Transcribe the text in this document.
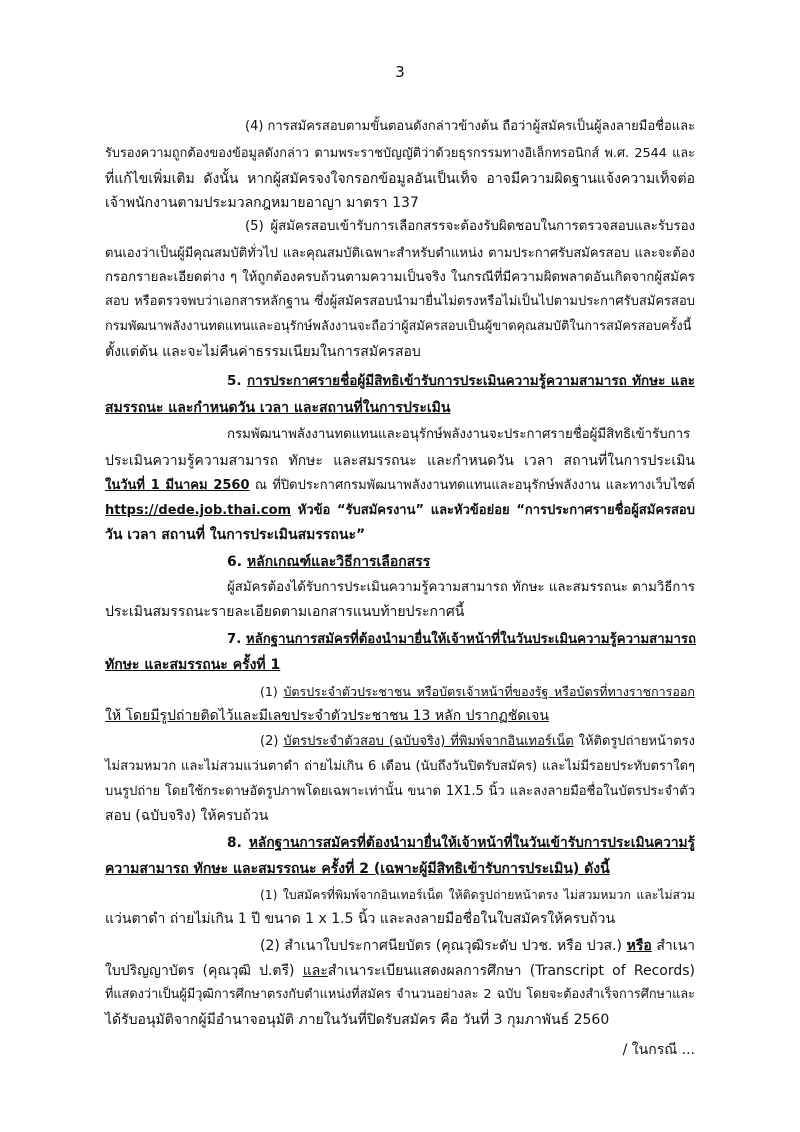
3
(4) การสมัครสอบตามขั้นตอนดังกล่าวข้างต้น ถือว่าผู้สมัครเป็นผู้ลงลายมือชื่อและ
รับรองความถูกต้องของข้อมูลดังกล่าว ตามพระราชบัญญัติว่าด้วยธุรกรรมทางอิเล็กทรอนิกส์ พ.ศ. 2544 และ
ที่แก้ไขเพิ่มเติม ดังนั้น หากผู้สมัครจงใจกรอกข้อมูลอันเป็นเท็จ อาจมีความผิดฐานแจ้งความเท็จต่อ
เจ้าพนักงานตามประมวลกฎหมายอาญา มาตรา 137
(5) ผู้สมัครสอบเข้ารับการเลือกสรรจะต้องรับผิดชอบในการตรวจสอบและรับรอง
ตนเองว่าเป็นผู้มีคุณสมบัติทั่วไป และคุณสมบัติเฉพาะสำหรับตำแหน่ง ตามประกาศรับสมัครสอบ และจะต้อง
กรอกรายละเอียดต่าง ๆ ให้ถูกต้องครบถ้วนตามความเป็นจริง ในกรณีที่มีความผิดพลาดอันเกิดจากผู้สมัคร
สอบ หรือตรวจพบว่าเอกสารหลักฐาน ซึ่งผู้สมัครสอบนำมายื่นไม่ตรงหรือไม่เป็นไปตามประกาศรับสมัครสอบ
กรมพัฒนาพลังงานทดแทนและอนุรักษ์พลังงานจะถือว่าผู้สมัครสอบเป็นผู้ขาดคุณสมบัติในการสมัครสอบครั้งนี้
ตั้งแต่ต้น และจะไม่คืนค่าธรรมเนียมในการสมัครสอบ
5. การประกาศรายชื่อผู้มีสิทธิเข้ารับการประเมินความรู้ความสามารถ ทักษะ และ
สมรรถนะ และกำหนดวัน เวลา และสถานที่ในการประเมิน
กรมพัฒนาพลังงานทดแทนและอนุรักษ์พลังงานจะประกาศรายชื่อผู้มีสิทธิเข้ารับการ
ประเมินความรู้ความสามารถ ทักษะ และสมรรถนะ และกำหนดวัน เวลา สถานที่ในการประเมิน
ในวันที่ 1 มีนาคม 2560 ณ ที่ปิดประกาศกรมพัฒนาพลังงานทดแทนและอนุรักษ์พลังงาน และทางเว็บไซต์
https://dede.job.thai.com หัวข้อ “รับสมัครงาน” และหัวข้อย่อย “การประกาศรายชื่อผู้สมัครสอบ
วัน เวลา สถานที่ ในการประเมินสมรรถนะ”
6. หลักเกณฑ์และวิธีการเลือกสรร
ผู้สมัครต้องได้รับการประเมินความรู้ความสามารถ ทักษะ และสมรรถนะ ตามวิธีการ
ประเมินสมรรถนะรายละเอียดตามเอกสารแนบท้ายประกาศนี้
7. หลักฐานการสมัครที่ต้องนำมายื่นให้เจ้าหน้าที่ในวันประเมินความรู้ความสามารถ
ทักษะ และสมรรถนะ ครั้งที่ 1
(1) บัตรประจำตัวประชาชน หรือบัตรเจ้าหน้าที่ของรัฐ หรือบัตรที่ทางราชการออก
ให้ โดยมีรูปถ่ายติดไว้และมีเลขประจำตัวประชาชน 13 หลัก ปรากฏชัดเจน
(2) บัตรประจำตัวสอบ (ฉบับจริง) ที่พิมพ์จากอินเทอร์เน็ต ให้ติดรูปถ่ายหน้าตรง
ไม่สวมหมวก และไม่สวมแว่นตาดำ ถ่ายไม่เกิน 6 เดือน (นับถึงวันปิดรับสมัคร) และไม่มีรอยประทับตราใดๆ
บนรูปถ่าย โดยใช้กระดาษอัดรูปภาพโดยเฉพาะเท่านั้น ขนาด 1X1.5 นิ้ว และลงลายมือชื่อในบัตรประจำตัว
สอบ (ฉบับจริง) ให้ครบถ้วน
8. หลักฐานการสมัครที่ต้องนำมายื่นให้เจ้าหน้าที่ในวันเข้ารับการประเมินความรู้
ความสามารถ ทักษะ และสมรรถนะ ครั้งที่ 2 (เฉพาะผู้มีสิทธิเข้ารับการประเมิน) ดังนี้
(1) ใบสมัครที่พิมพ์จากอินเทอร์เน็ต ให้ติดรูปถ่ายหน้าตรง ไม่สวมหมวก และไม่สวม
แว่นตาดำ ถ่ายไม่เกิน 1 ปี ขนาด 1 x 1.5 นิ้ว และลงลายมือชื่อในใบสมัครให้ครบถ้วน
(2) สำเนาใบประกาศนียบัตร (คุณวุฒิระดับ ปวช. หรือ ปวส.) หรือ สำเนา
ใบปริญญาบัตร (คุณวุฒิ ป.ตรี) และสำเนาระเบียนแสดงผลการศึกษา (Transcript of Records)
ที่แสดงว่าเป็นผู้มีวุฒิการศึกษาตรงกับตำแหน่งที่สมัคร จำนวนอย่างละ 2 ฉบับ โดยจะต้องสำเร็จการศึกษาและ
ได้รับอนุมัติจากผู้มีอำนาจอนุมัติ ภายในวันที่ปิดรับสมัคร คือ วันที่ 3 กุมภาพันธ์ 2560
/ ในกรณี ...
